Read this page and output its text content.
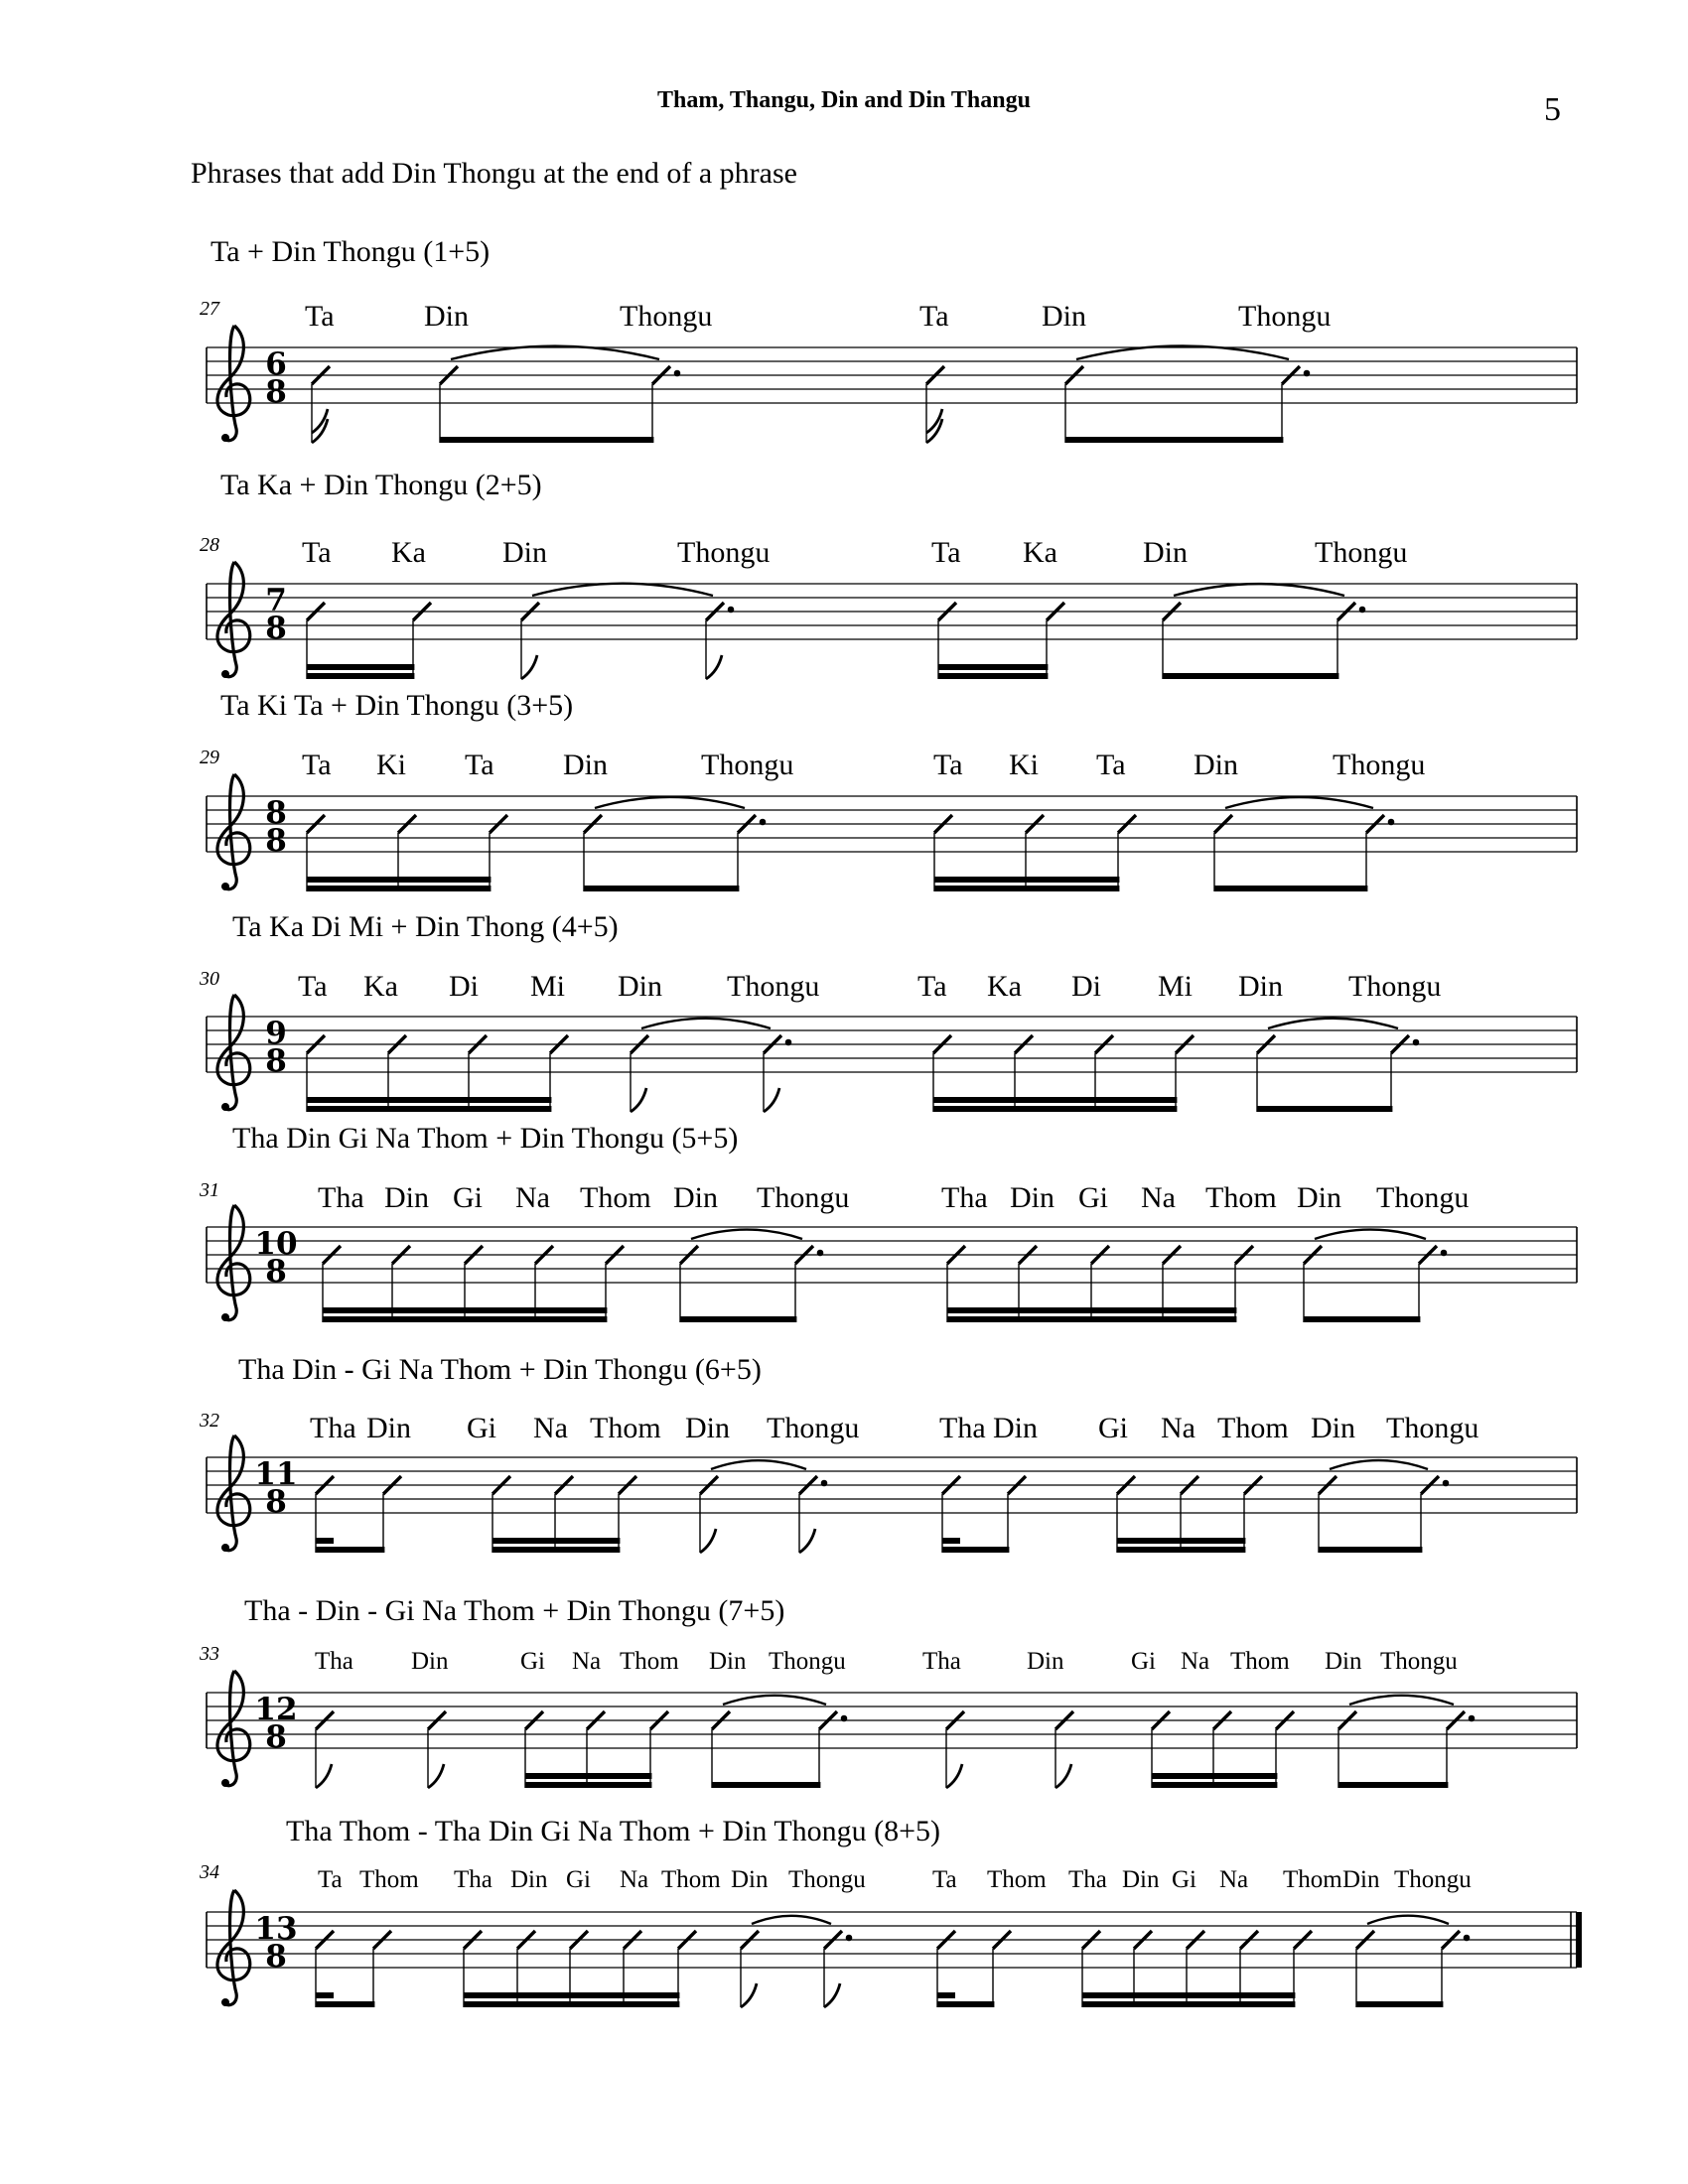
Tham, Thangu, Din and Din Thangu	5
Phrases that add Din Thongu at the end of a phrase
Ta + Din Thongu (1+5)
27	Ta	Din	Thongu	Ta	Din	Thongu
Ta Ka + Din Thongu (2+5)
28	Ta Ka	Din	Thongu	Ta Ka	Din	Thongu
Ta Ki Ta + Din Thongu (3+5)
29	Ta Ki Ta Din	Thongu	Ta Ki Ta Din	Thongu
Ta Ka Di Mi + Din Thong (4+5)
30	Ta Ka Di Mi Din Thongu	Ta Ka Di Mi Din Thongu
Tha Din Gi Na Thom + Din Thongu (5+5)
31	Tha Din Gi Na Thom Din Thongu	Tha Din Gi Na Thom Din Thongu
Tha Din - Gi Na Thom + Din Thongu (6+5)
32	Tha Din Gi Na Thom Din Thongu	Tha Din Gi Na Thom Din Thongu
Tha - Din - Gi Na Thom + Din Thongu (7+5)
33	Tha Din	Gi Na Thom Din Thongu	Tha	Din	Gi Na Thom Din Thongu
Tha Thom - Tha Din Gi Na Thom + Din Thongu (8+5)
34	Ta Thom Tha Din Gi Na Thom Din Thongu	Ta Thom Tha Din Gi Na Thom Din Thongu
6
8
7
8
8
8
9
8
10
8
11
8
12
8
13
8
